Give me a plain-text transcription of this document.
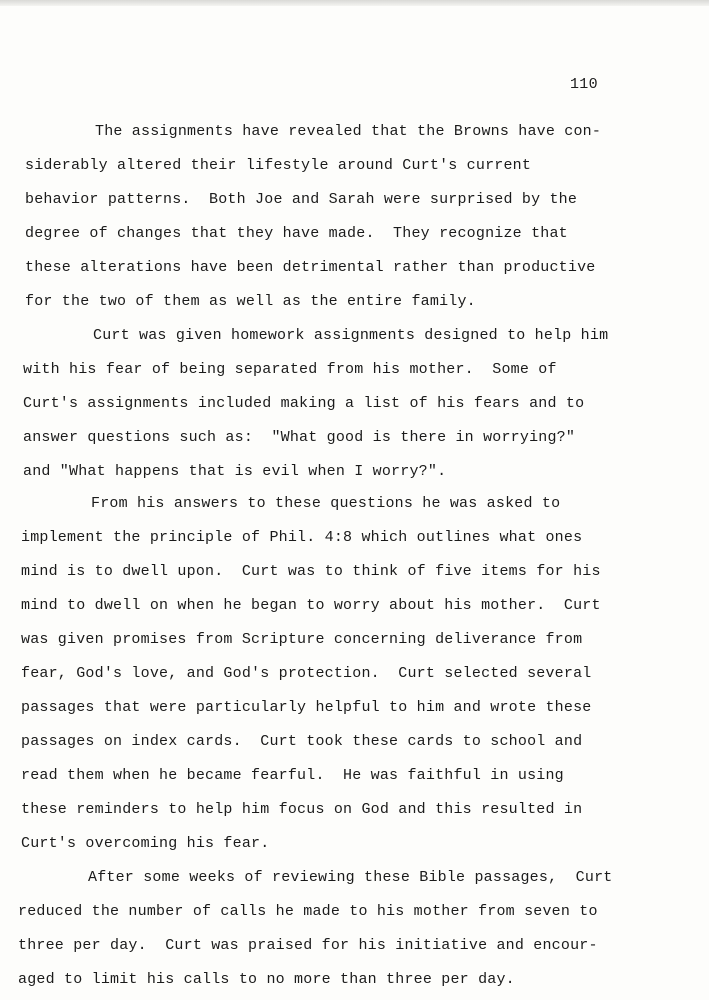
110
The assignments have revealed that the Browns have con-
siderably altered their lifestyle around Curt's current
behavior patterns.  Both Joe and Sarah were surprised by the
degree of changes that they have made.  They recognize that
these alterations have been detrimental rather than productive
for the two of them as well as the entire family.
Curt was given homework assignments designed to help him
with his fear of being separated from his mother.  Some of
Curt's assignments included making a list of his fears and to
answer questions such as:  "What good is there in worrying?"
and "What happens that is evil when I worry?".
From his answers to these questions he was asked to
implement the principle of Phil. 4:8 which outlines what ones
mind is to dwell upon.  Curt was to think of five items for his
mind to dwell on when he began to worry about his mother.  Curt
was given promises from Scripture concerning deliverance from
fear, God's love, and God's protection.  Curt selected several
passages that were particularly helpful to him and wrote these
passages on index cards.  Curt took these cards to school and
read them when he became fearful.  He was faithful in using
these reminders to help him focus on God and this resulted in
Curt's overcoming his fear.
After some weeks of reviewing these Bible passages,  Curt
reduced the number of calls he made to his mother from seven to
three per day.  Curt was praised for his initiative and encour-
aged to limit his calls to no more than three per day.
